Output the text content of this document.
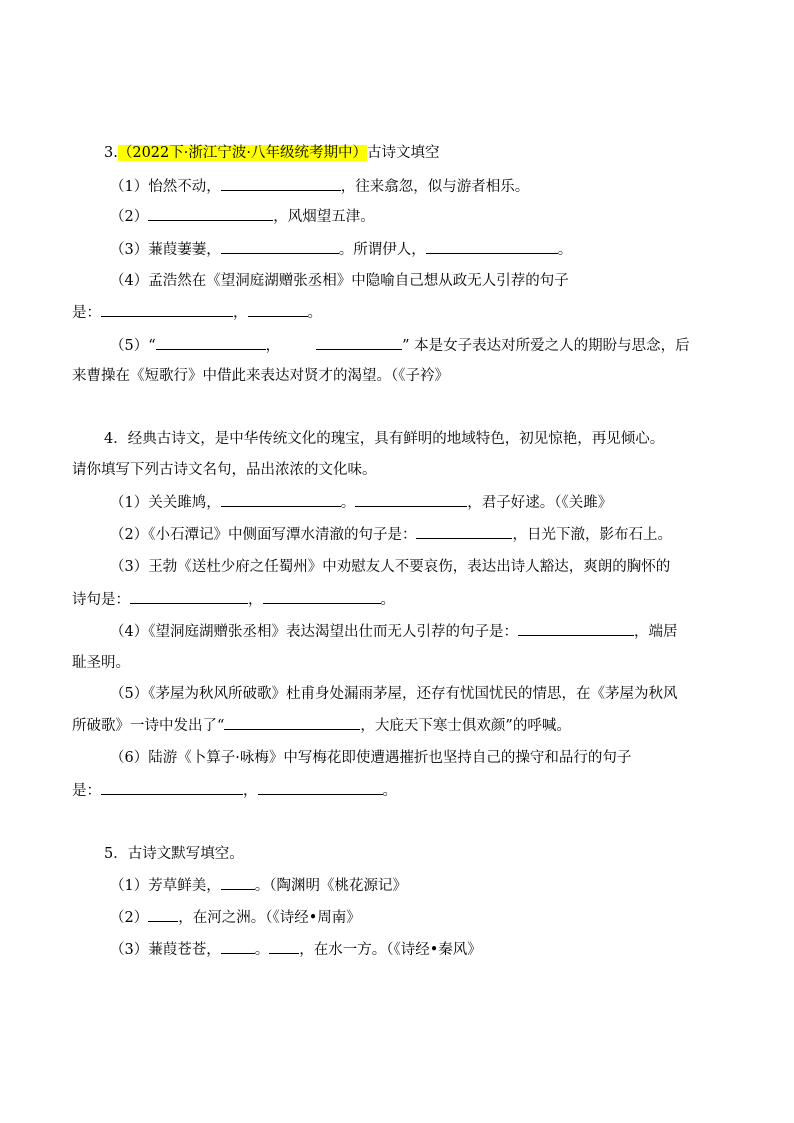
3.（2022下·浙江宁波·八年级统考期中）古诗文填空
（1）怡然不动，	，往来翕忽，似与游者相乐。
（2）	，风烟望五津。
（3）蒹葭萋萋，	。所谓伊人，	。
（4）孟浩然在《望洞庭湖赠张丞相》中隐喻自己想从政无人引荐的句子
是：	，	。
（5）“	，	” 本是女子表达对所爱之人的期盼与思念，后
来曹操在《短歌行》中借此来表达对贤才的渴望。（《子衿》
4．经典古诗文，是中华传统文化的瑰宝，具有鲜明的地域特色，初见惊艳，再见倾心。
请你填写下列古诗文名句，品出浓浓的文化味。
（1）关关雎鸠，	。	，君子好逑。（《关雎》
（2）《小石潭记》中侧面写潭水清澈的句子是：	，日光下澈，影布石上。
（3）王勃《送杜少府之任蜀州》中劝慰友人不要哀伤，表达出诗人豁达，爽朗的胸怀的
诗句是：	，	。
（4）《望洞庭湖赠张丞相》表达渴望出仕而无人引荐的句子是：	，端居
耻圣明。
（5）《茅屋为秋风所破歌》杜甫身处漏雨茅屋，还存有忧国忧民的情思，在《茅屋为秋风
所破歌》一诗中发出了“	，大庇天下寒士俱欢颜”的呼喊。
（6）陆游《卜算子·咏梅》中写梅花即使遭遇摧折也坚持自己的操守和品行的句子
是：	，	。
5．古诗文默写填空。
（1）芳草鲜美， 。（陶渊明《桃花源记》
（2） ，在河之洲。（《诗经•周南》
（3）蒹葭苍苍， 。 ，在水一方。（《诗经•秦风》
